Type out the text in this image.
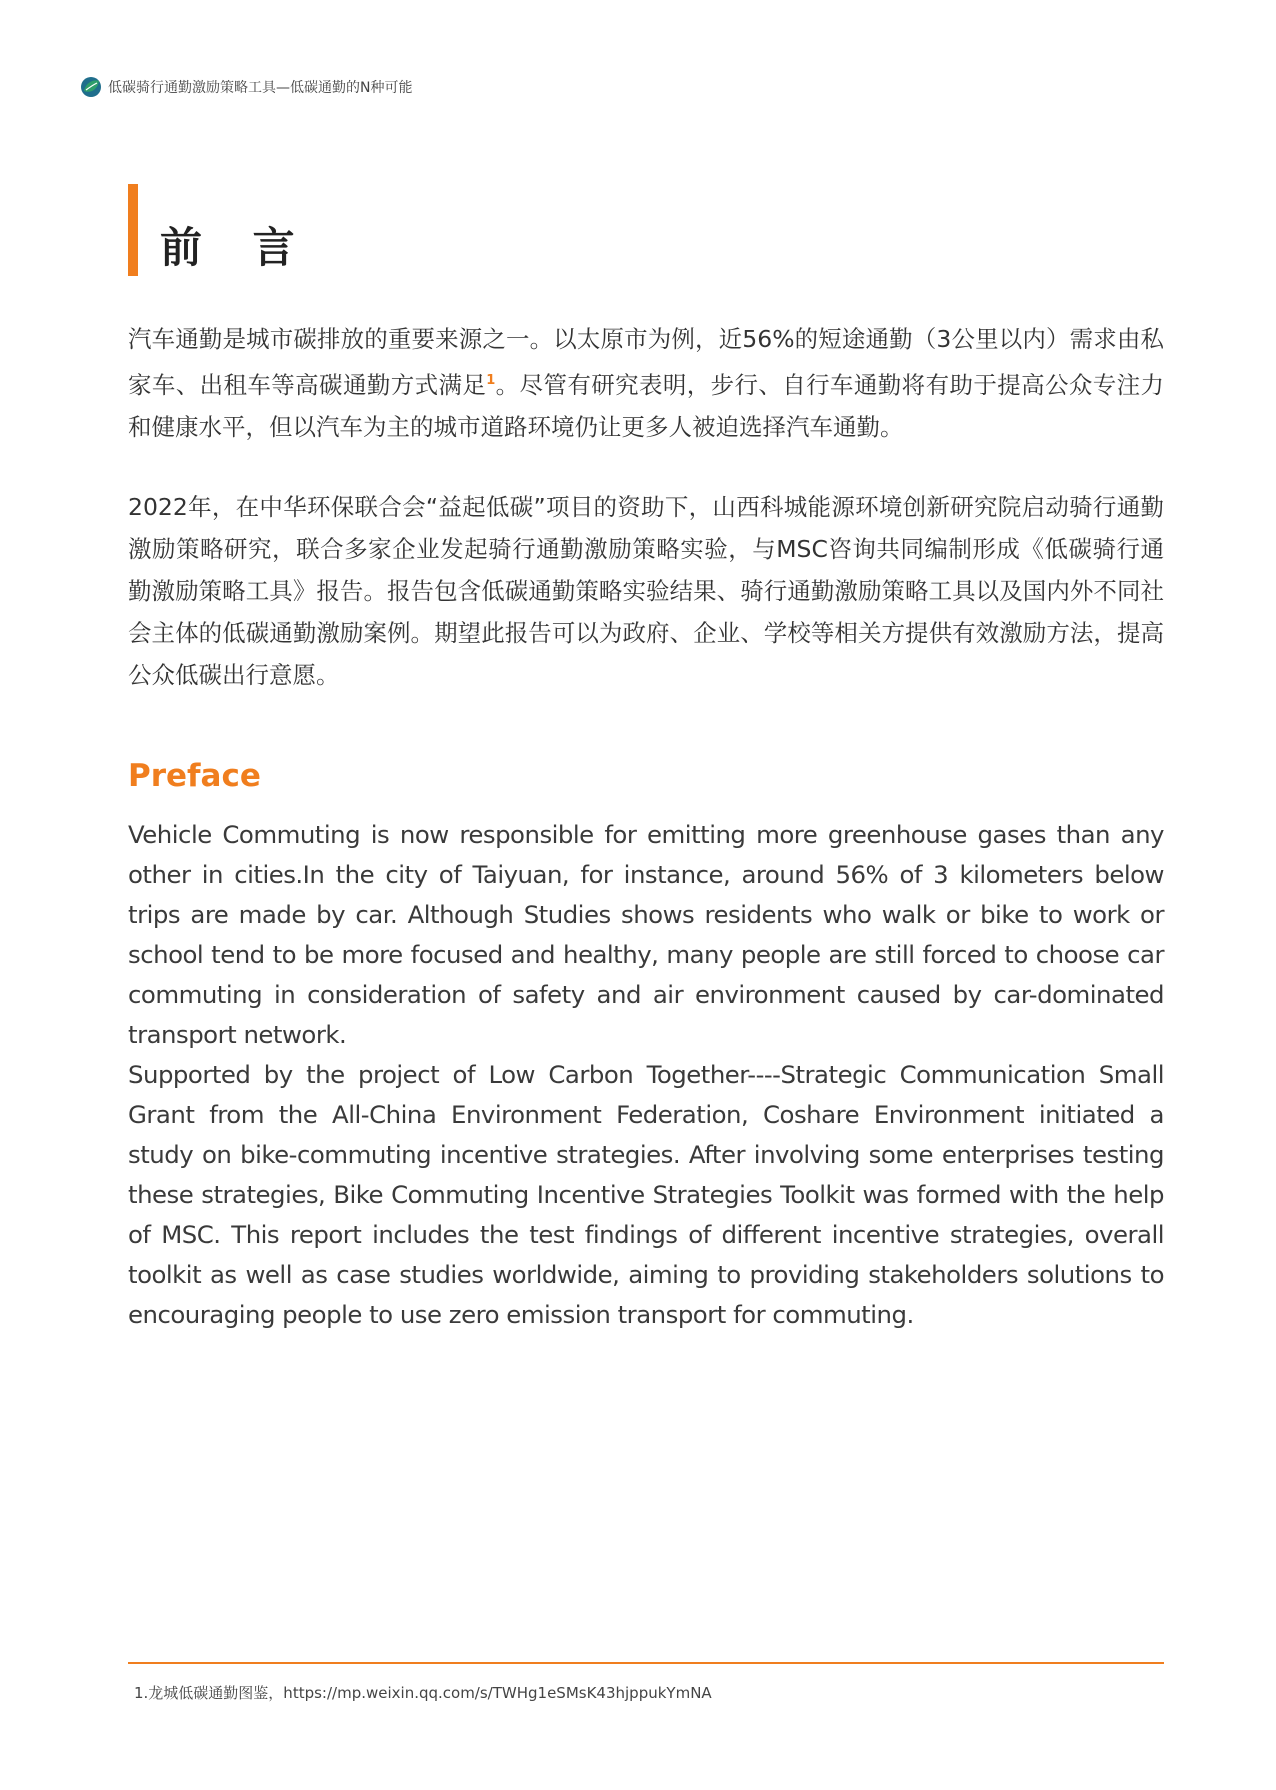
低碳骑行通勤激励策略工具—低碳通勤的N种可能
前 言

汽车通勤是城市碳排放的重要来源之一。以太原市为例，近56%的短途通勤（3公里以内）需求由私家车、出租车等高碳通勤方式满足$^1$。尽管有研究表明，步行、自行车通勤将有助于提高公众专注力和健康水平，但以汽车为主的城市道路环境仍让更多人被迫选择汽车通勤。

2022年，在中华环保联合会“益起低碳”项目的资助下，山西科城能源环境创新研究院启动骑行通勤激励策略研究，联合多家企业发起骑行通勤激励策略实验，与MSC咨询共同编制形成《低碳骑行通勤激励策略工具》报告。报告包含低碳通勤策略实验结果、骑行通勤激励策略工具以及国内外不同社会主体的低碳通勤激励案例。期望此报告可以为政府、企业、学校等相关方提供有效激励方法，提高公众低碳出行意愿。

Preface

Vehicle Commuting is now responsible for emitting more greenhouse gases than any other in cities.In the city of Taiyuan, for instance, around 56% of 3 kilometers below trips are made by car. Although Studies shows residents who walk or bike to work or school tend to be more focused and healthy, many people are still forced to choose car commuting in consideration of safety and air environment caused by car-dominated transport network.

Supported by the project of Low Carbon Together----Strategic Communication Small Grant from the All-China Environment Federation, Coshare Environment initiated a study on bike-commuting incentive strategies. After involving some enterprises testing these strategies, Bike Commuting Incentive Strategies Toolkit was formed with the help of MSC. This report includes the test findings of different incentive strategies, overall toolkit as well as case studies worldwide, aiming to providing stakeholders solutions to encouraging people to use zero emission transport for commuting.

1.龙城低碳通勤图鉴，https://mp.weixin.qq.com/s/TWHg1eSMsK43hjppukYmNA
